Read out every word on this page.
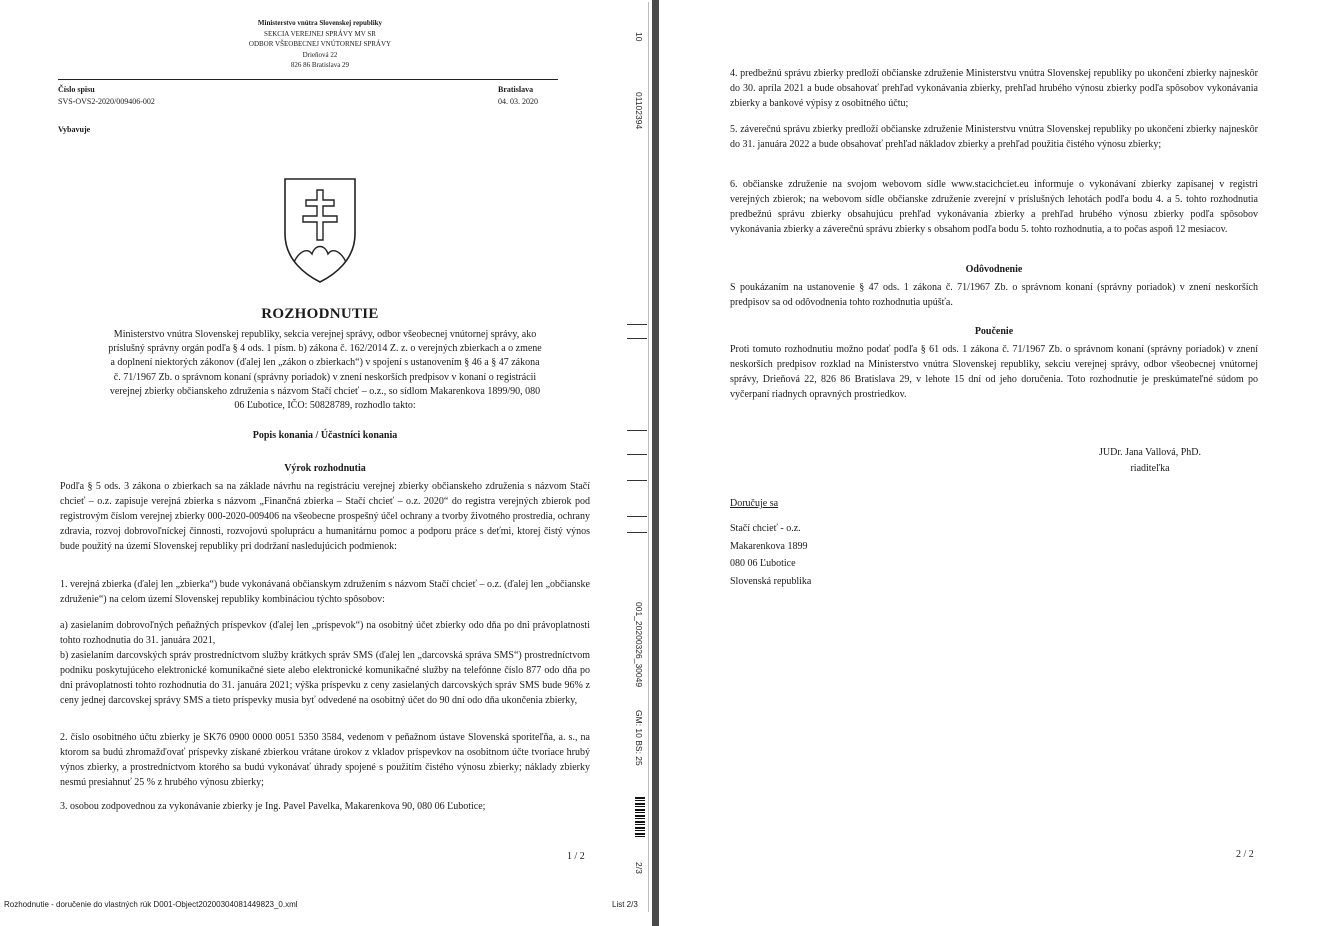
Ministerstvo vnútra Slovenskej republiky
SEKCIA VEREJNEJ SPRÁVY MV SR
ODBOR VŠEOBECNEJ VNÚTORNEJ SPRÁVY
Drieňová 22
826 86 Bratislava 29
Číslo spisu
SVS-OVS2-2020/009406-002
Bratislava
04. 03. 2020
Vybavuje
ROZHODNUTIE
Ministerstvo vnútra Slovenskej republiky, sekcia verejnej správy, odbor všeobecnej vnútornej správy, ako príslušný správny orgán podľa § 4 ods. 1 písm. b) zákona č. 162/2014 Z. z. o verejných zbierkach a o zmene a doplnení niektorých zákonov (ďalej len „zákon o zbierkach“) v spojení s ustanovením § 46 a § 47 zákona č. 71/1967 Zb. o správnom konaní (správny poriadok) v znení neskorších predpisov v konaní o registrácii verejnej zbierky občianskeho združenia s názvom Stačí chcieť – o.z., so sídlom Makarenkova 1899/90, 080 06 Ľubotice, IČO: 50828789, rozhodlo takto:
Popis konania / Účastníci konania
Výrok rozhodnutia
Podľa § 5 ods. 3 zákona o zbierkach sa na základe návrhu na registráciu verejnej zbierky občianskeho združenia s názvom Stačí chcieť – o.z. zapisuje verejná zbierka s názvom „Finančná zbierka – Stačí chcieť – o.z. 2020“ do registra verejných zbierok pod registrovým číslom verejnej zbierky 000-2020-009406 na všeobecne prospešný účel ochrany a tvorby životného prostredia, ochrany zdravia, rozvoj dobrovoľníckej činnosti, rozvojovú spoluprácu a humanitárnu pomoc a podporu práce s deťmi, ktorej čistý výnos bude použitý na území Slovenskej republiky pri dodržaní nasledujúcich podmienok:
1. verejná zbierka (ďalej len „zbierka“) bude vykonávaná občianskym združením s názvom Stačí chcieť – o.z. (ďalej len „občianske združenie“) na celom území Slovenskej republiky kombináciou týchto spôsobov:
a) zasielaním dobrovoľných peňažných príspevkov (ďalej len „príspevok“) na osobitný účet zbierky odo dňa po dni právoplatnosti tohto rozhodnutia do 31. januára 2021,
b) zasielaním darcovských správ prostredníctvom služby krátkych správ SMS (ďalej len „darcovská správa SMS“) prostredníctvom podniku poskytujúceho elektronické komunikačné siete alebo elektronické komunikačné služby na telefónne číslo 877 odo dňa po dni právoplatnosti tohto rozhodnutia do 31. januára 2021; výška príspevku z ceny zasielaných darcovských správ SMS bude 96% z ceny jednej darcovskej správy SMS a tieto príspevky musia byť odvedené na osobitný účet do 90 dní odo dňa ukončenia zbierky,
2. číslo osobitného účtu zbierky je SK76 0900 0000 0051 5350 3584, vedenom v peňažnom ústave Slovenská sporiteľňa, a. s., na ktorom sa budú zhromažďovať príspevky získané zbierkou vrátane úrokov z vkladov príspevkov na osobitnom účte tvoriace hrubý výnos zbierky, a prostredníctvom ktorého sa budú vykonávať úhrady spojené s použitím čistého výnosu zbierky; náklady zbierky nesmú presiahnuť 25 % z hrubého výnosu zbierky;
3. osobou zodpovednou za vykonávanie zbierky je Ing. Pavel Pavelka, Makarenkova 90, 080 06 Ľubotice;
1 / 2
10
01102394
001_20200326_30049
GM: 10 BS: 25
2/3
Rozhodnutie - doručenie do vlastných rúk D001-Object20200304081449823_0.xml	List 2/3
4. predbežnú správu zbierky predloží občianske združenie Ministerstvu vnútra Slovenskej republiky po ukončení zbierky najneskôr do 30. apríla 2021 a bude obsahovať prehľad vykonávania zbierky, prehľad hrubého výnosu zbierky podľa spôsobov vykonávania zbierky a bankové výpisy z osobitného účtu;
5. záverečnú správu zbierky predloží občianske združenie Ministerstvu vnútra Slovenskej republiky po ukončení zbierky najneskôr do 31. januára 2022 a bude obsahovať prehľad nákladov zbierky a prehľad použitia čistého výnosu zbierky;
6. občianske združenie na svojom webovom sídle www.stacichciet.eu informuje o vykonávaní zbierky zapísanej v registri verejných zbierok; na webovom sídle občianske združenie zverejní v príslušných lehotách podľa bodu 4. a 5. tohto rozhodnutia predbežnú správu zbierky obsahujúcu prehľad vykonávania zbierky a prehľad hrubého výnosu zbierky podľa spôsobov vykonávania zbierky a záverečnú správu zbierky s obsahom podľa bodu 5. tohto rozhodnutia, a to počas aspoň 12 mesiacov.
Odôvodnenie
S poukázaním na ustanovenie § 47 ods. 1 zákona č. 71/1967 Zb. o správnom konaní (správny poriadok) v znení neskorších predpisov sa od odôvodnenia tohto rozhodnutia upúšťa.
Poučenie
Proti tomuto rozhodnutiu možno podať podľa § 61 ods. 1 zákona č. 71/1967 Zb. o správnom konaní (správny poriadok) v znení neskorších predpisov rozklad na Ministerstvo vnútra Slovenskej republiky, sekciu verejnej správy, odbor všeobecnej vnútornej správy, Drieňová 22, 826 86 Bratislava 29, v lehote 15 dní od jeho doručenia. Toto rozhodnutie je preskúmateľné súdom po vyčerpaní riadnych opravných prostriedkov.
JUDr. Jana Vallová, PhD.
riaditeľka
Doručuje sa
Stačí chcieť - o.z.
Makarenkova 1899
080 06 Ľubotice
Slovenská republika
2 / 2
